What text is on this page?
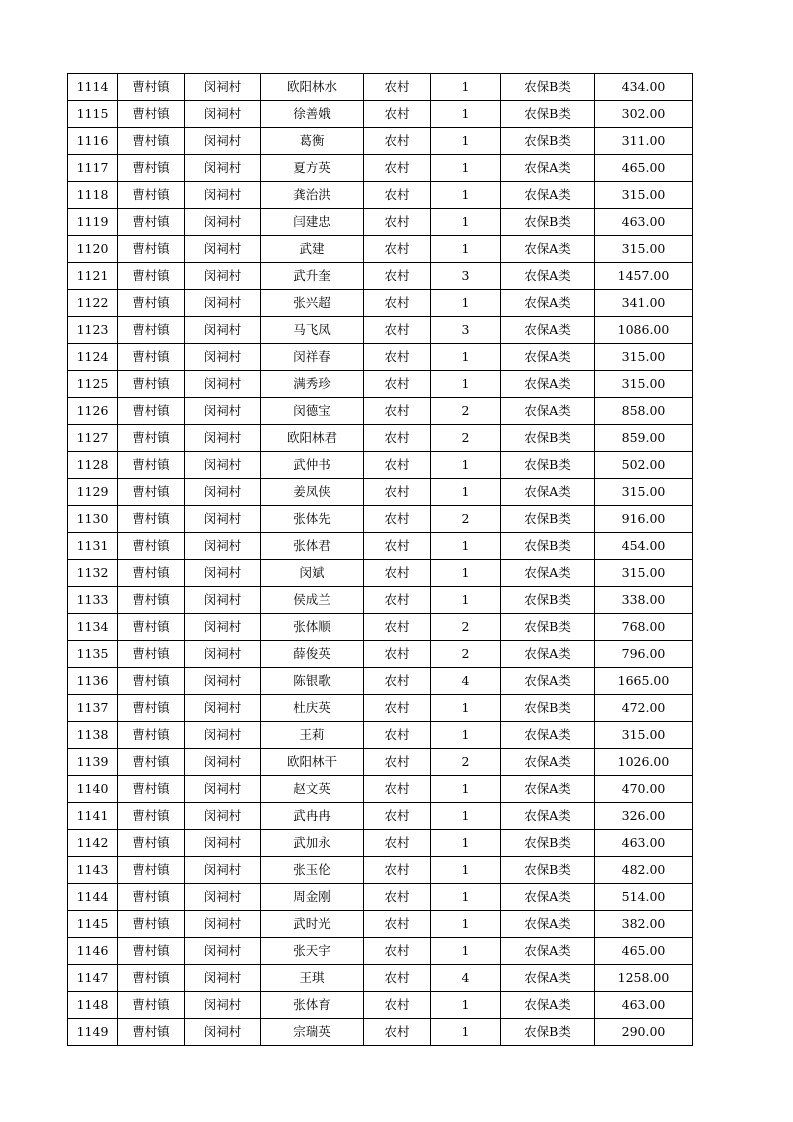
1114	曹村镇	闵祠村	欧阳林水	农村	1	农保B类	434.00
1115	曹村镇	闵祠村	徐善娥	农村	1	农保B类	302.00
1116	曹村镇	闵祠村	葛衡	农村	1	农保B类	311.00
1117	曹村镇	闵祠村	夏方英	农村	1	农保A类	465.00
1118	曹村镇	闵祠村	龚治洪	农村	1	农保A类	315.00
1119	曹村镇	闵祠村	闫建忠	农村	1	农保B类	463.00
1120	曹村镇	闵祠村	武建	农村	1	农保A类	315.00
1121	曹村镇	闵祠村	武升奎	农村	3	农保A类	1457.00
1122	曹村镇	闵祠村	张兴超	农村	1	农保A类	341.00
1123	曹村镇	闵祠村	马飞凤	农村	3	农保A类	1086.00
1124	曹村镇	闵祠村	闵祥春	农村	1	农保A类	315.00
1125	曹村镇	闵祠村	满秀珍	农村	1	农保A类	315.00
1126	曹村镇	闵祠村	闵德宝	农村	2	农保A类	858.00
1127	曹村镇	闵祠村	欧阳林君	农村	2	农保B类	859.00
1128	曹村镇	闵祠村	武仲书	农村	1	农保B类	502.00
1129	曹村镇	闵祠村	姜凤侠	农村	1	农保A类	315.00
1130	曹村镇	闵祠村	张体先	农村	2	农保B类	916.00
1131	曹村镇	闵祠村	张体君	农村	1	农保B类	454.00
1132	曹村镇	闵祠村	闵斌	农村	1	农保A类	315.00
1133	曹村镇	闵祠村	侯成兰	农村	1	农保B类	338.00
1134	曹村镇	闵祠村	张体顺	农村	2	农保B类	768.00
1135	曹村镇	闵祠村	薛俊英	农村	2	农保A类	796.00
1136	曹村镇	闵祠村	陈银歌	农村	4	农保A类	1665.00
1137	曹村镇	闵祠村	杜庆英	农村	1	农保B类	472.00
1138	曹村镇	闵祠村	王莉	农村	1	农保A类	315.00
1139	曹村镇	闵祠村	欧阳林干	农村	2	农保A类	1026.00
1140	曹村镇	闵祠村	赵文英	农村	1	农保A类	470.00
1141	曹村镇	闵祠村	武冉冉	农村	1	农保A类	326.00
1142	曹村镇	闵祠村	武加永	农村	1	农保B类	463.00
1143	曹村镇	闵祠村	张玉伦	农村	1	农保B类	482.00
1144	曹村镇	闵祠村	周金刚	农村	1	农保A类	514.00
1145	曹村镇	闵祠村	武时光	农村	1	农保A类	382.00
1146	曹村镇	闵祠村	张天宇	农村	1	农保A类	465.00
1147	曹村镇	闵祠村	王琪	农村	4	农保A类	1258.00
1148	曹村镇	闵祠村	张体育	农村	1	农保A类	463.00
1149	曹村镇	闵祠村	宗瑞英	农村	1	农保B类	290.00
